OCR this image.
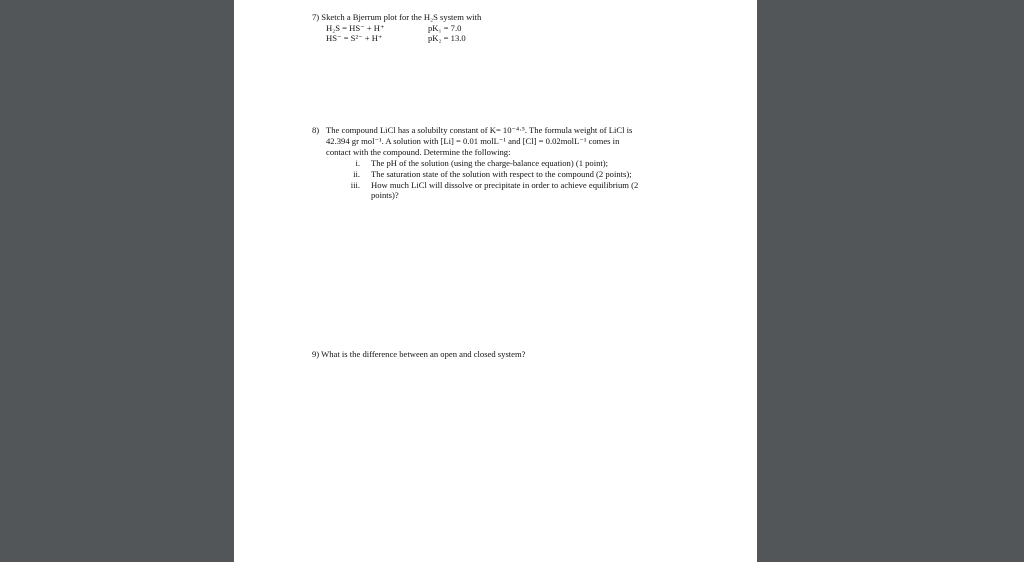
7) Sketch a Bjerrum plot for the H₂S system with
H₂S = HS⁻ + H⁺	pK₁ = 7.0
HS⁻ = S²⁻ + H⁺	pK₂ = 13.0
8) The compound LiCl has a solubilty constant of K= 10⁻⁴·⁵. The formula weight of LiCl is
42.394 gr mol⁻¹. A solution with [Li] = 0.01 molL⁻¹ and [Cl] = 0.02molL⁻¹ comes in
contact with the compound. Determine the following:
i. The pH of the solution (using the charge-balance equation) (1 point);
ii. The saturation state of the solution with respect to the compound (2 points);
iii. How much LiCl will dissolve or precipitate in order to achieve equilibrium (2
points)?
9) What is the difference between an open and closed system?
